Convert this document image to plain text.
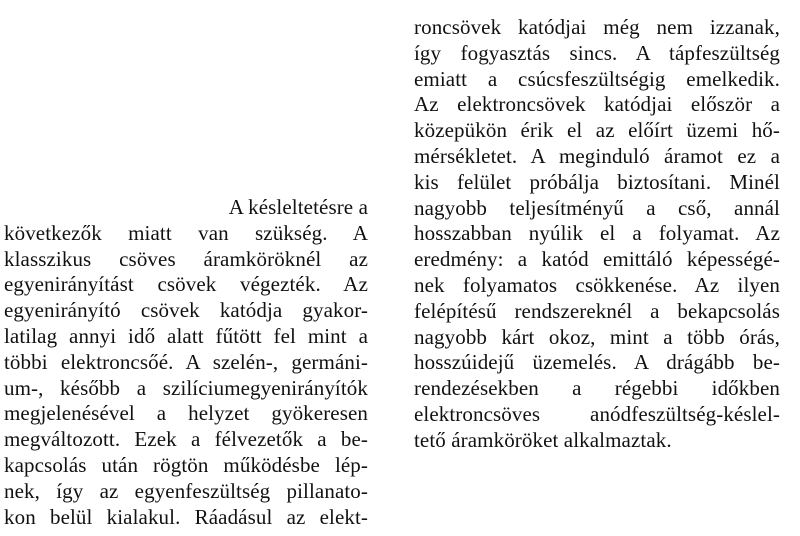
A késleltetésre a
következők miatt van szükség. A
klasszikus csöves áramköröknél az
egyenirányítást csövek végezték. Az
egyenirányító csövek katódja gyakor-
latilag annyi idő alatt fűtött fel mint a
többi elektroncsőé. A szelén-, germáni-
um-, később a szilíciumegyenirányítók
megjelenésével a helyzet gyökeresen
megváltozott. Ezek a félvezetők a be-
kapcsolás után rögtön működésbe lép-
nek, így az egyenfeszültség pillanato-
kon belül kialakul. Ráadásul az elekt-
roncsövek katódjai még nem izzanak,
így fogyasztás sincs. A tápfeszültség
emiatt a csúcsfeszültségig emelkedik.
Az elektroncsövek katódjai először a
közepükön érik el az előírt üzemi hő-
mérsékletet. A meginduló áramot ez a
kis felület próbálja biztosítani. Minél
nagyobb teljesítményű a cső, annál
hosszabban nyúlik el a folyamat. Az
eredmény: a katód emittáló képességé-
nek folyamatos csökkenése. Az ilyen
felépítésű rendszereknél a bekapcsolás
nagyobb kárt okoz, mint a több órás,
hosszúidejű üzemelés. A drágább be-
rendezésekben a régebbi időkben
elektroncsöves anódfeszültség-késlel-
tető áramköröket alkalmaztak.
